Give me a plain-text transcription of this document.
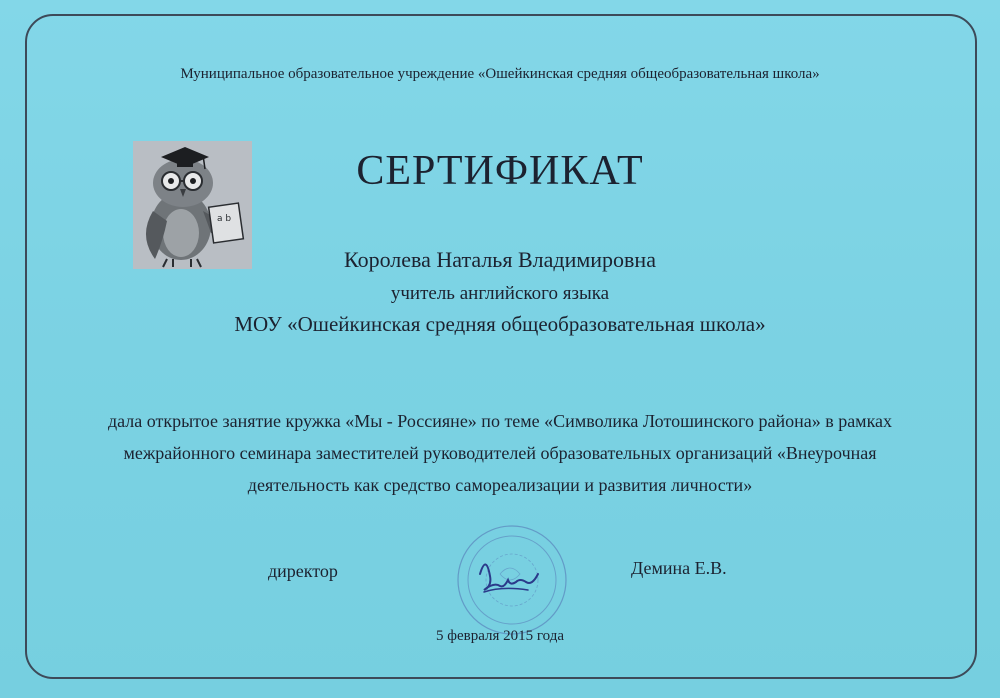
Муниципальное образовательное учреждение «Ошейкинская средняя общеобразовательная школа»
a b
СЕРТИФИКАТ
Королева Наталья Владимировна
учитель английского языка
МОУ «Ошейкинская средняя общеобразовательная школа»
дала открытое занятие кружка «Мы - Россияне» по теме «Символика Лотошинского района» в рамках
межрайонного семинара заместителей руководителей образовательных организаций «Внеурочная
деятельность как средство самореализации и развития личности»
директор	Демина Е.В.
5 февраля 2015 года
